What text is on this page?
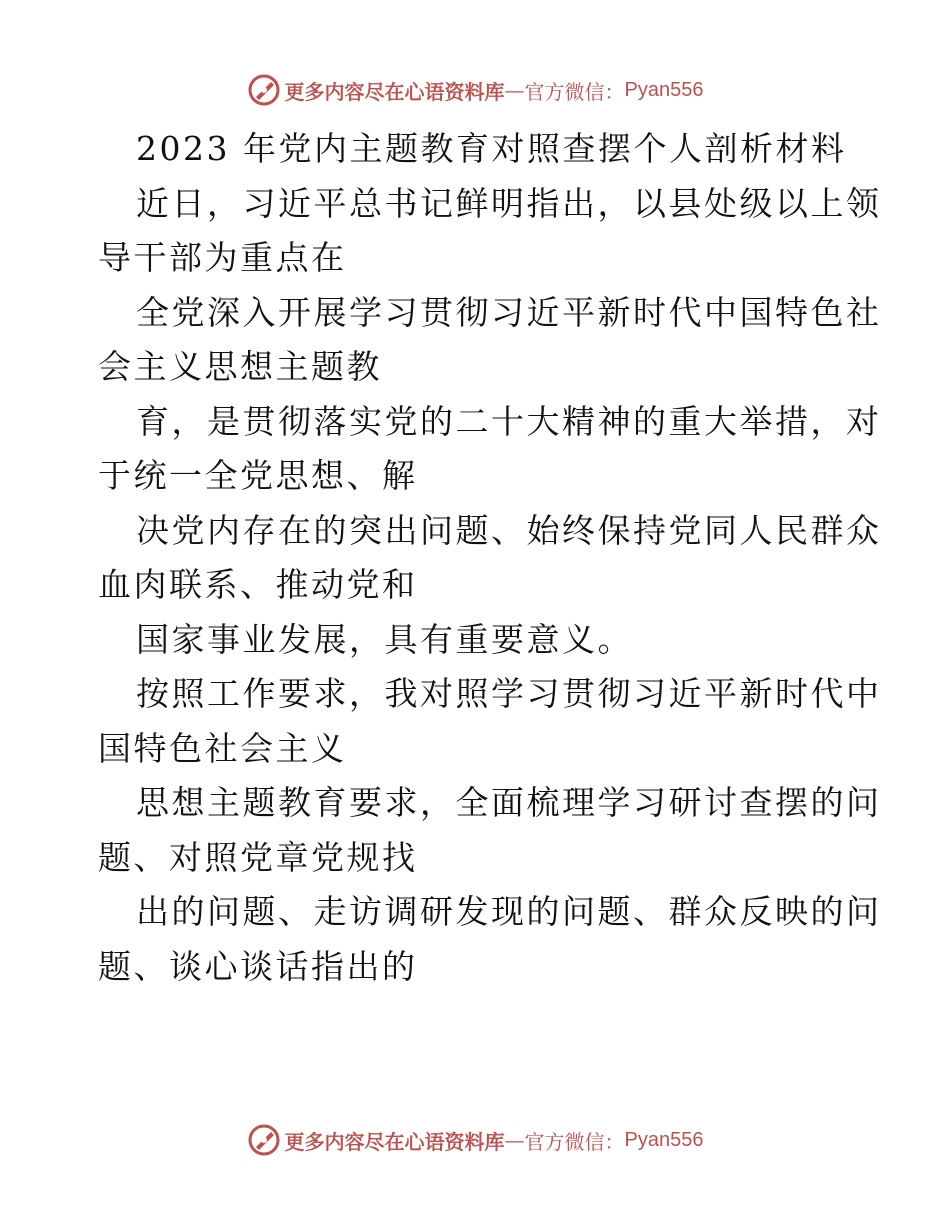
更多内容尽在心语资料库 — 官方微信： Pyan556
2023 年党内主题教育对照查摆个人剖析材料
近日，习近平总书记鲜明指出，以县处级以上领
导干部为重点在
全党深入开展学习贯彻习近平新时代中国特色社
会主义思想主题教
育，是贯彻落实党的二十大精神的重大举措，对
于统一全党思想、解
决党内存在的突出问题、始终保持党同人民群众
血肉联系、推动党和
国家事业发展，具有重要意义。
按照工作要求，我对照学习贯彻习近平新时代中
国特色社会主义
思想主题教育要求，全面梳理学习研讨查摆的问
题、对照党章党规找
出的问题、走访调研发现的问题、群众反映的问
题、谈心谈话指出的
更多内容尽在心语资料库 — 官方微信： Pyan556
